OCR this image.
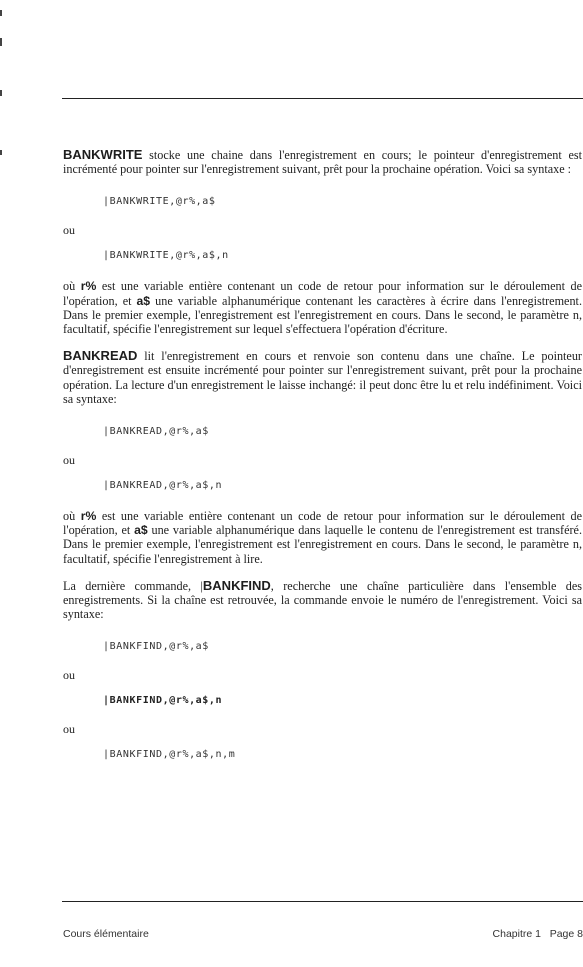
BANKWRITE stocke une chaine dans l'enregistrement en cours; le pointeur d'enregistrement est incrémenté pour pointer sur l'enregistrement suivant, prêt pour la prochaine opération. Voici sa syntaxe :

|BANKWRITE,@r%,a$

ou

|BANKWRITE,@r%,a$,n

où r% est une variable entière contenant un code de retour pour information sur le déroulement de l'opération, et a$ une variable alphanumérique contenant les caractères à écrire dans l'enregistrement. Dans le premier exemple, l'enregistrement est l'enregistrement en cours. Dans le second, le paramètre n, facultatif, spécifie l'enregistrement sur lequel s'effectuera l'opération d'écriture.

BANKREAD lit l'enregistrement en cours et renvoie son contenu dans une chaîne. Le pointeur d'enregistrement est ensuite incrémenté pour pointer sur l'enregistrement suivant, prêt pour la prochaine opération. La lecture d'un enregistrement le laisse inchangé: il peut donc être lu et relu indéfiniment. Voici sa syntaxe:

|BANKREAD,@r%,a$

ou

|BANKREAD,@r%,a$,n

où r% est une variable entière contenant un code de retour pour information sur le déroulement de l'opération, et a$ une variable alphanumérique dans laquelle le contenu de l'enregistrement est transféré. Dans le premier exemple, l'enregistrement est l'enregistrement en cours. Dans le second, le paramètre n, facultatif, spécifie l'enregistrement à lire.

La dernière commande, |BANKFIND, recherche une chaîne particulière dans l'ensemble des enregistrements. Si la chaîne est retrouvée, la commande envoie le numéro de l'enregistrement. Voici sa syntaxe:

|BANKFIND,@r%,a$

ou

|BANKFIND,@r%,a$,n

ou

|BANKFIND,@r%,a$,n,m

Cours élémentaire	Chapitre 1   Page 8
